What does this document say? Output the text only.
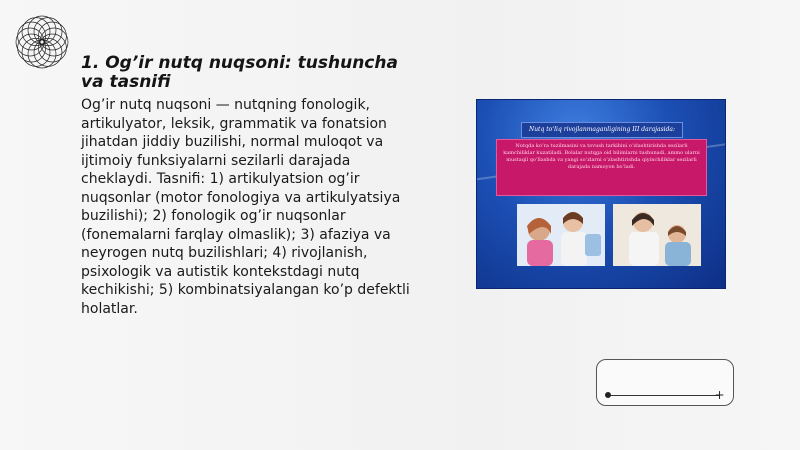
1. Og’ir nutq nuqsoni: tushuncha va tasnifi
Og’ir nutq nuqsoni — nutqning fonologik, artikulyator, leksik, grammatik va fonatsion jihatdan jiddiy buzilishi, normal muloqot va ijtimoiy funksiyalarni sezilarli darajada cheklaydi. Tasnifi: 1) artikulyatsion og’ir nuqsonlar (motor fonologiya va artikulyatsiya buzilishi); 2) fonologik og’ir nuqsonlar (fonemalarni farqlay olmaslik); 3) afaziya va neyrogen nutq buzilishlari; 4) rivojlanish, psixologik va autistik kontekstdagi nutq kechikishi; 5) kombinatsiyalangan ko’p defektli holatlar.
Nutq to‘liq rivojlanmaganligining III darajasida:
Nutqda ko‘ra tuzilmasini va tovush tarkibini o‘zlashtirishda sezilarli kamchiliklar kuzatiladi. Bolalar nutqga oid bilimlarni tushunadi, ammo ularni mustaqil qo‘llashda va yangi so‘zlarni o‘zlashtirishda qiyinchiliklar sezilarli darajada namoyon bo‘ladi.
+
